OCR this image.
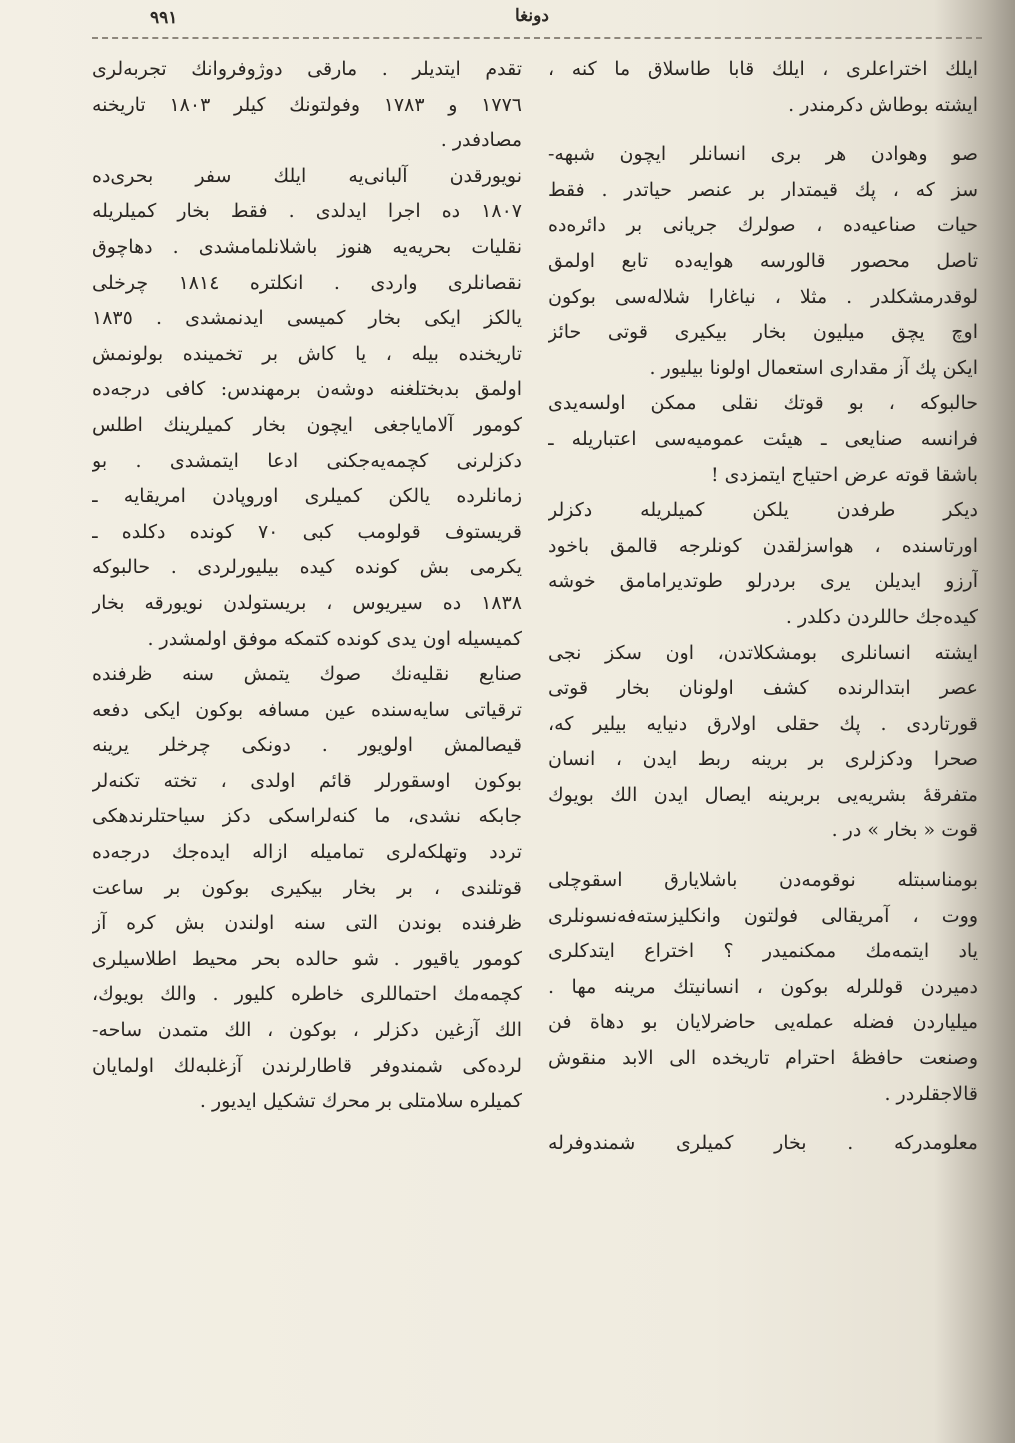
٩٩١	دونغا
ایلك اختراعلری ، ایلك قابا طاسلاق ما كنه ،
ایشته بوطاش دكرمندر .
صو وهوادن هر بری انسانلر ایچون شبهه-
سز كه ، پك قیمتدار بر عنصر حیاتدر . فقط
حیات صناعیه‌ده ، صولرك جریانی بر دائره‌ده
تاصل محصور قالورسه هوایه‌ده تابع اولمق
لوقدرمشكلدر . مثلا ، نیاغارا شلاله‌سی بوكون
اوچ یچق میلیون بخار بیكیری قوتی حائز
ایكن پك آز مقداری استعمال اولونا بیلیور .
حالبوكه ، بو قوتك نقلی ممكن اولسه‌یدی
فرانسه صنایعی ـ هیئت عمومیه‌سی اعتباریله ـ
باشقا قوته عرض احتیاج ایتمزدی !
دیكر طرفدن یلكن كمیلریله دكزلر
اورتاسنده ، هواسزلقدن كونلرجه قالمق باخود
آرزو ایدیلن یری بردرلو طوتدیرامامق خوشه
كیده‌جك حاللردن دكلدر .
ایشته انسانلری بومشكلاتدن، اون سكز نجی
عصر ابتدالرنده كشف اولونان بخار قوتی
قورتاردی . پك حقلی اولارق دنیایه بیلیر كه،
صحرا ودكزلری بر برینه ربط ایدن ، انسان
متفرقهٔ بشریه‌یی بربرینه ایصال ایدن الك بویوك
قوت « بخار » در .
بومناسبتله نوقومه‌دن باشلایارق اسقوچلی
ووت ، آمریقالی فولتون وانكلیزسته‌فه‌نسونلری
یاد ایتمه‌مك ممكنمیدر ؟ اختراع ایتدكلری
دمیردن قوللرله بوكون ، انسانیتك مرینه مها .
میلیاردن فضله عمله‌یی حاضرلایان بو دهاة فن
وصنعت حافظهٔ احترام تاریخده الی الابد منقوش
قالاجقلردر .
معلومدركه . بخار كمیلری شمندوفرله
تقدم ایتدیلر . مارقی دوژوفروانك تجربه‌لری
١٧٧٦ و ١٧٨٣ وفولتونك كیلر ١٨٠٣ تاریخنه
مصادفدر .
نویورقدن آلبانی‌یه ایلك سفر بحری‌ده
١٨٠٧ ده اجرا ایدلدی . فقط بخار كمیلریله
نقلیات بحریه‌یه هنوز باشلانلمامشدی . دهاچوق
نقصانلری واردی . انكلتره ١٨١٤ چرخلی
یالكز ایكی بخار كمیسی ایدنمشدی . ١٨٣٥
تاریخنده بیله ، یا كاش بر تخمینده بولونمش
اولمق بدبختلغنه دوشه‌ن برمهندس: كافی درجه‌ده
كومور آلامایاجغی ایچون بخار كمیلرینك اطلس
دكزلرنی كچمه‌یه‌جكنی ادعا ایتمشدی . بو
زمانلرده یالكن كمیلری اوروپادن امریقایه ـ
قریستوف قولومب كبی ٧٠ كونده دكلده ـ
یكرمی بش كونده كیده بیلیورلردی . حالبوكه
١٨٣٨ ده سیریوس ، بریستولدن نویورقه بخار
كمیسیله اون یدی كونده كتمكه موفق اولمشدر .
صنایع نقلیه‌نك صوك یتمش سنه ظرفنده
ترقیاتی سایه‌سنده عین مسافه بوكون ایكی دفعه
قیصالمش اولویور . دونكی چرخلر یرینه
بوكون اوسقورلر قائم اولدی ، تخته تكنه‌لر
جابكه نشدی، ما كنه‌لراسكی دكز سیاحتلرندهكی
تردد وتهلكه‌لری تماميله ازاله ایده‌جك درجه‌ده
قوتلندی ، بر بخار بیكیری بوكون بر ساعت
ظرفنده بوندن التی سنه اولندن بش كره آز
كومور یاقیور . شو حالده بحر محیط اطلاسیلری
كچمه‌مك احتماللری خاطره كلیور . والك بویوك،
الك آزغین دكزلر ، بوكون ، الك متمدن ساحه-
لرده‌كی شمندوفر قاطارلرندن آزغلبه‌لك اولمایان
كمیلره سلامتلی بر محرك تشكیل ایدیور .
